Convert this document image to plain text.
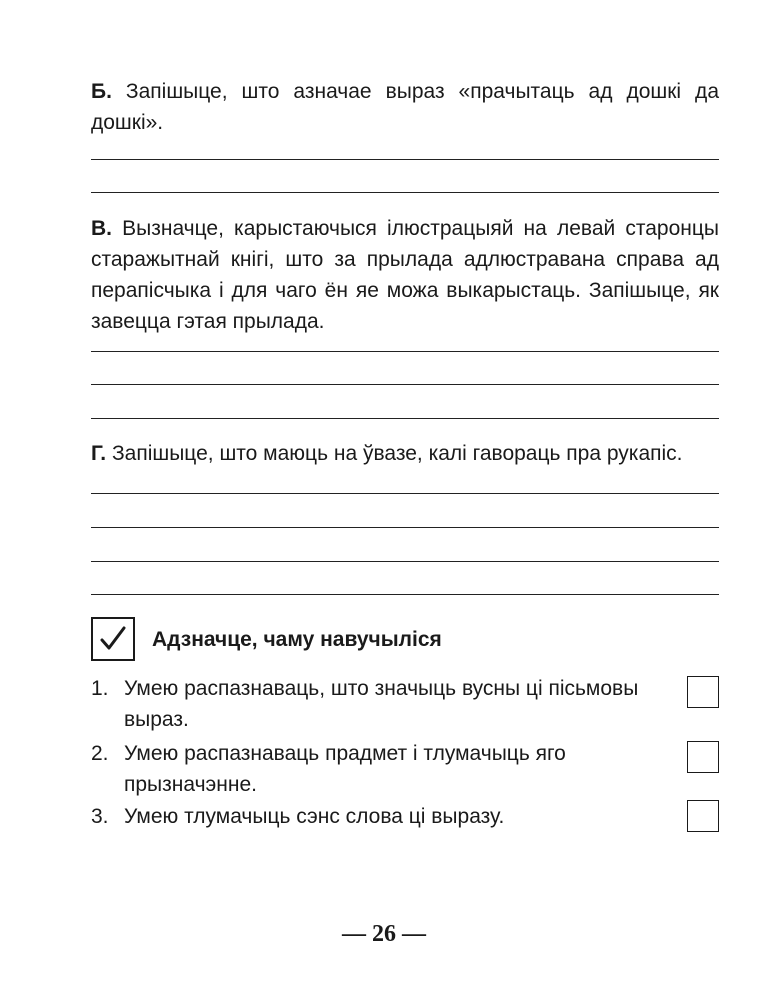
Б. Запішыце, што азначае выраз «прачытаць ад дошкі да дошкі».
В. Вызначце, карыстаючыся ілюстрацыяй на левай старонцы старажытнай кнігі, што за прылада адлюстравана справа ад перапісчыка і для чаго ён яе можа выкарыстаць. Запішыце, як завецца гэтая прылада.
Г. Запішыце, што маюць на ўвазе, калі гавораць пра рукапіс.
Адзначце, чаму навучыліся
1. Умею распазнаваць, што значыць вусны ці пісьмовы выраз.
2. Умею распазнаваць прадмет і тлумачыць яго прызначэнне.
3. Умею тлумачыць сэнс слова ці выразу.
— 26 —
